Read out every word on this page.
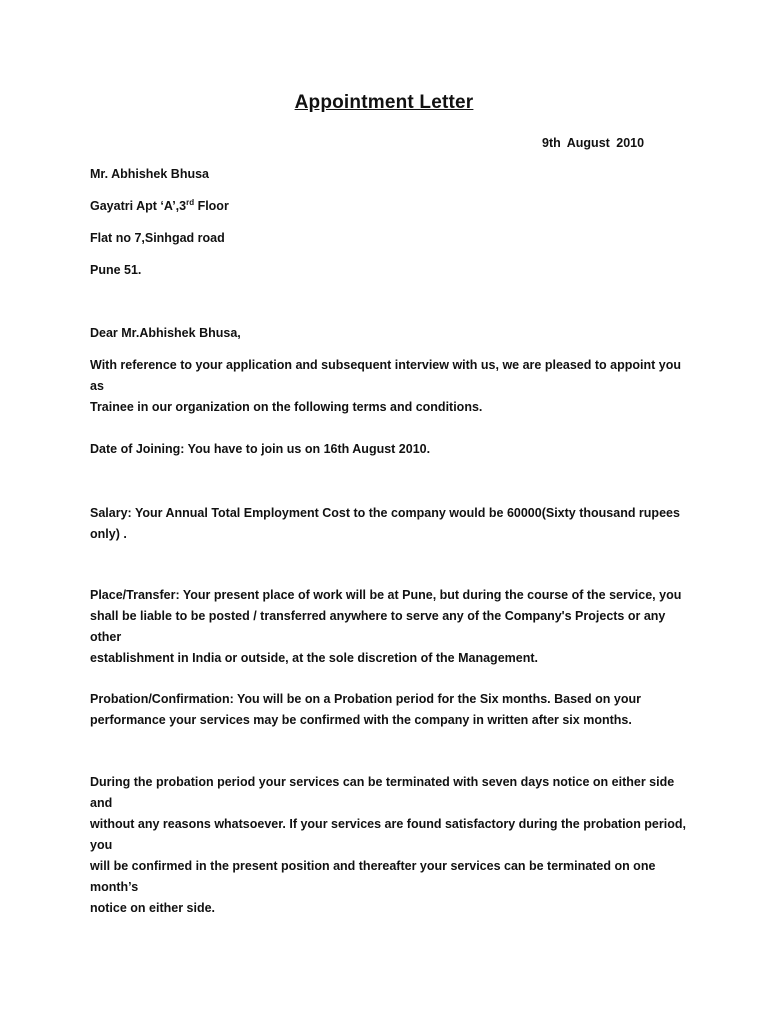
Appointment Letter
9th August 2010
Mr. Abhishek Bhusa
Gayatri Apt ‘A’,3rd Floor
Flat no 7,Sinhgad road
Pune 51.
Dear Mr.Abhishek Bhusa,
With reference to your application and subsequent interview with us, we are pleased to appoint you as
Trainee in our organization on the following terms and conditions.
Date of Joining: You have to join us on 16th August 2010.
Salary: Your Annual Total Employment Cost to the company would be 60000(Sixty thousand rupees
only) .
Place/Transfer: Your present place of work will be at Pune, but during the course of the service, you
shall be liable to be posted / transferred anywhere to serve any of the Company's Projects or any other
establishment in India or outside, at the sole discretion of the Management.
Probation/Confirmation: You will be on a Probation period for the Six months. Based on your
performance your services may be confirmed with the company in written after six months.
During the probation period your services can be terminated with seven days notice on either side and
without any reasons whatsoever. If your services are found satisfactory during the probation period, you
will be confirmed in the present position and thereafter your services can be terminated on one month’s
notice on either side.
